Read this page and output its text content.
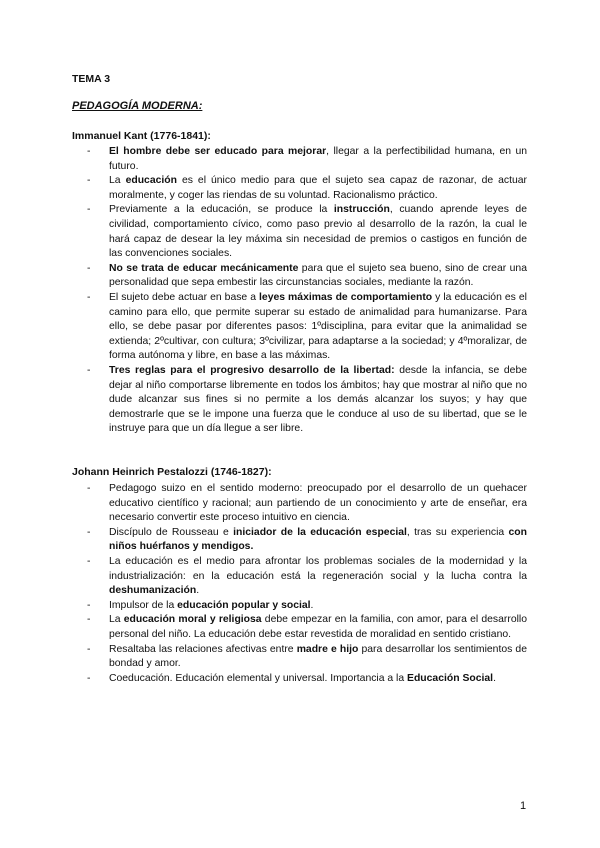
TEMA 3
PEDAGOGÍA MODERNA:
Immanuel Kant (1776-1841):
- El hombre debe ser educado para mejorar, llegar a la perfectibilidad humana, en un futuro.
- La educación es el único medio para que el sujeto sea capaz de razonar, de actuar moralmente, y coger las riendas de su voluntad. Racionalismo práctico.
- Previamente a la educación, se produce la instrucción, cuando aprende leyes de civilidad, comportamiento cívico, como paso previo al desarrollo de la razón, la cual le hará capaz de desear la ley máxima sin necesidad de premios o castigos en función de las convenciones sociales.
- No se trata de educar mecánicamente para que el sujeto sea bueno, sino de crear una personalidad que sepa embestir las circunstancias sociales, mediante la razón.
- El sujeto debe actuar en base a leyes máximas de comportamiento y la educación es el camino para ello, que permite superar su estado de animalidad para humanizarse. Para ello, se debe pasar por diferentes pasos: 1ºdisciplina, para evitar que la animalidad se extienda; 2ºcultivar, con cultura; 3ºcivilizar, para adaptarse a la sociedad; y 4ºmoralizar, de forma autónoma y libre, en base a las máximas.
- Tres reglas para el progresivo desarrollo de la libertad: desde la infancia, se debe dejar al niño comportarse libremente en todos los ámbitos; hay que mostrar al niño que no dude alcanzar sus fines si no permite a los demás alcanzar los suyos; y hay que demostrarle que se le impone una fuerza que le conduce al uso de su libertad, que se le instruye para que un día llegue a ser libre.
Johann Heinrich Pestalozzi (1746-1827):
- Pedagogo suizo en el sentido moderno: preocupado por el desarrollo de un quehacer educativo científico y racional; aun partiendo de un conocimiento y arte de enseñar, era necesario convertir este proceso intuitivo en ciencia.
- Discípulo de Rousseau e iniciador de la educación especial, tras su experiencia con niños huérfanos y mendigos.
- La educación es el medio para afrontar los problemas sociales de la modernidad y la industrialización: en la educación está la regeneración social y la lucha contra la deshumanización.
- Impulsor de la educación popular y social.
- La educación moral y religiosa debe empezar en la familia, con amor, para el desarrollo personal del niño. La educación debe estar revestida de moralidad en sentido cristiano.
- Resaltaba las relaciones afectivas entre madre e hijo para desarrollar los sentimientos de bondad y amor.
- Coeducación. Educación elemental y universal. Importancia a la Educación Social.
1
